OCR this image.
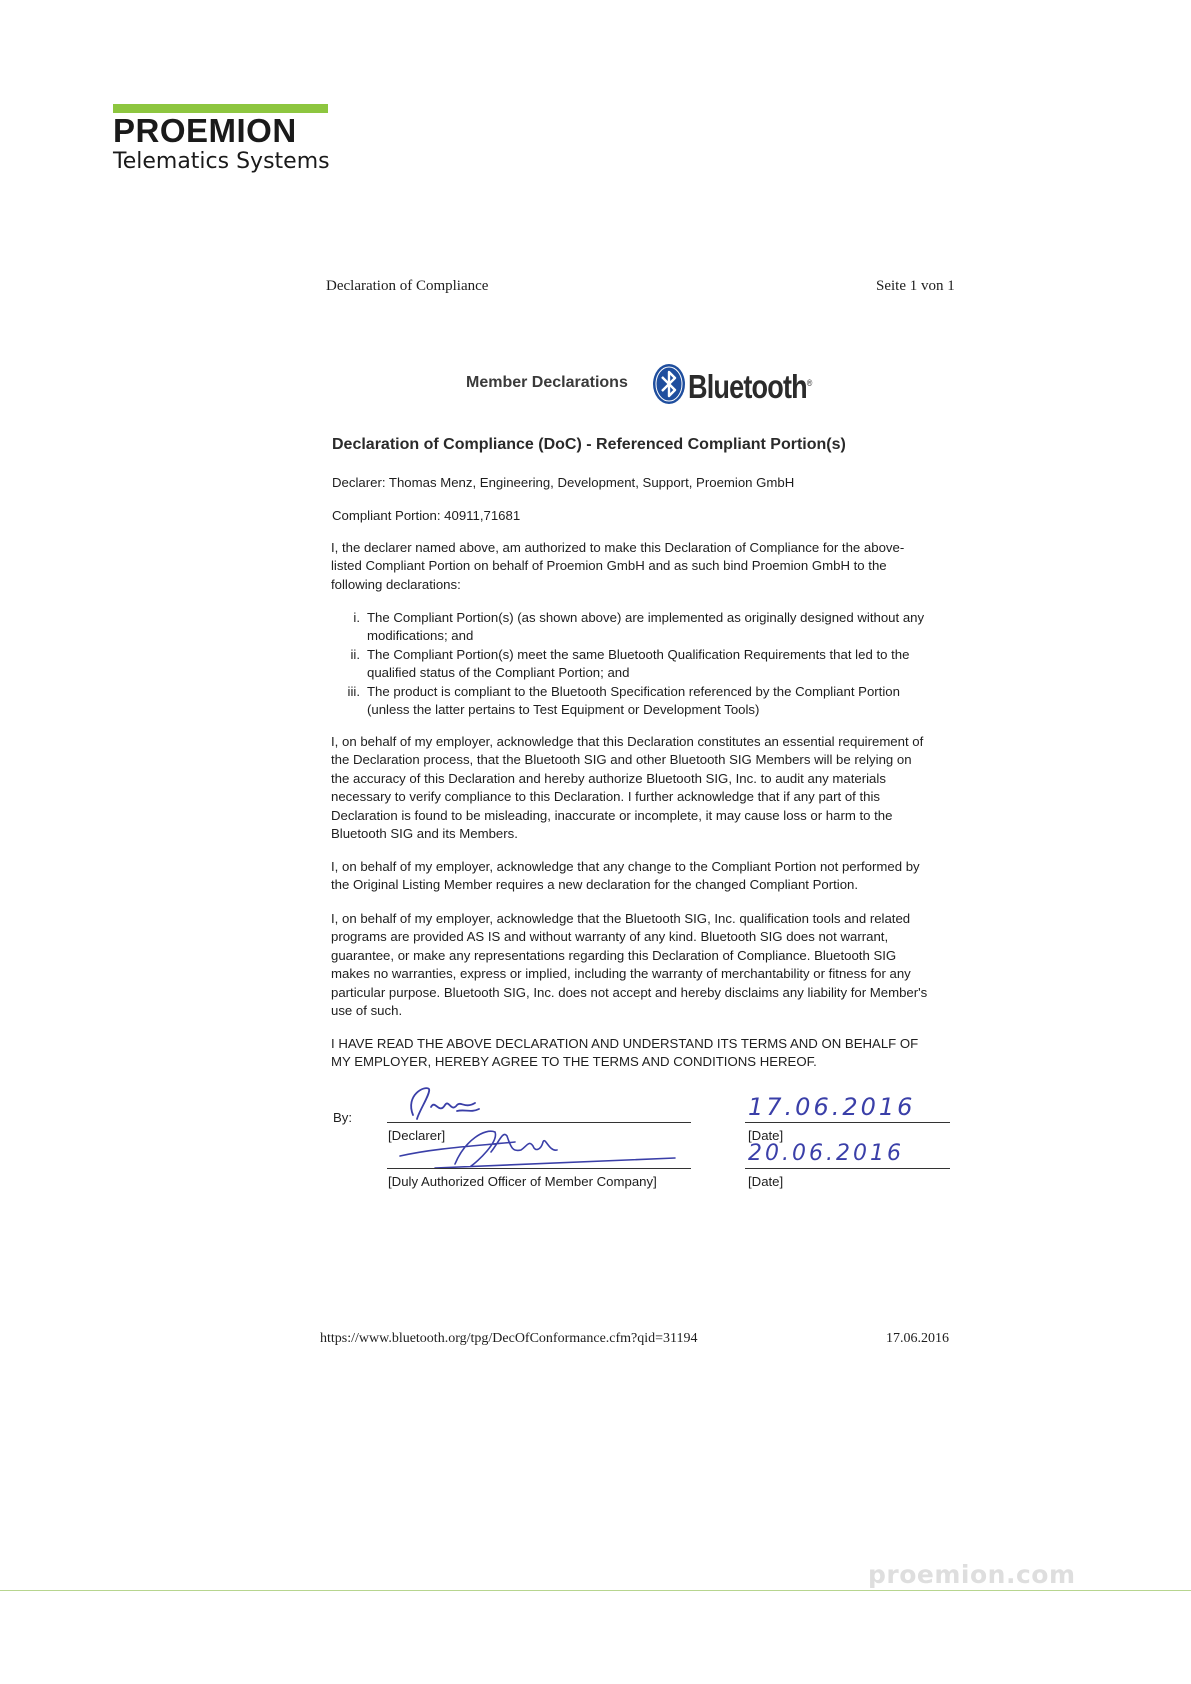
PROEMION
Telematics Systems
Declaration of Compliance	Seite 1 von 1
Member Declarations Bluetooth®
Declaration of Compliance (DoC) - Referenced Compliant Portion(s)
Declarer: Thomas Menz, Engineering, Development, Support, Proemion GmbH
Compliant Portion: 40911,71681
I, the declarer named above, am authorized to make this Declaration of Compliance for the above-
listed Compliant Portion on behalf of Proemion GmbH and as such bind Proemion GmbH to the
following declarations:
i. The Compliant Portion(s) (as shown above) are implemented as originally designed without any
modifications; and
ii. The Compliant Portion(s) meet the same Bluetooth Qualification Requirements that led to the
qualified status of the Compliant Portion; and
iii. The product is compliant to the Bluetooth Specification referenced by the Compliant Portion
(unless the latter pertains to Test Equipment or Development Tools)
I, on behalf of my employer, acknowledge that this Declaration constitutes an essential requirement of
the Declaration process, that the Bluetooth SIG and other Bluetooth SIG Members will be relying on
the accuracy of this Declaration and hereby authorize Bluetooth SIG, Inc. to audit any materials
necessary to verify compliance to this Declaration. I further acknowledge that if any part of this
Declaration is found to be misleading, inaccurate or incomplete, it may cause loss or harm to the
Bluetooth SIG and its Members.
I, on behalf of my employer, acknowledge that any change to the Compliant Portion not performed by
the Original Listing Member requires a new declaration for the changed Compliant Portion.
I, on behalf of my employer, acknowledge that the Bluetooth SIG, Inc. qualification tools and related
programs are provided AS IS and without warranty of any kind. Bluetooth SIG does not warrant,
guarantee, or make any representations regarding this Declaration of Compliance. Bluetooth SIG
makes no warranties, express or implied, including the warranty of merchantability or fitness for any
particular purpose. Bluetooth SIG, Inc. does not accept and hereby disclaims any liability for Member's
use of such.
I HAVE READ THE ABOVE DECLARATION AND UNDERSTAND ITS TERMS AND ON BEHALF OF
MY EMPLOYER, HEREBY AGREE TO THE TERMS AND CONDITIONS HEREOF.
By:
[Declarer]
[Duly Authorized Officer of Member Company]
17.06.2016
[Date]
20.06.2016
[Date]
https://www.bluetooth.org/tpg/DecOfConformance.cfm?qid=31194	17.06.2016
proemion.com
